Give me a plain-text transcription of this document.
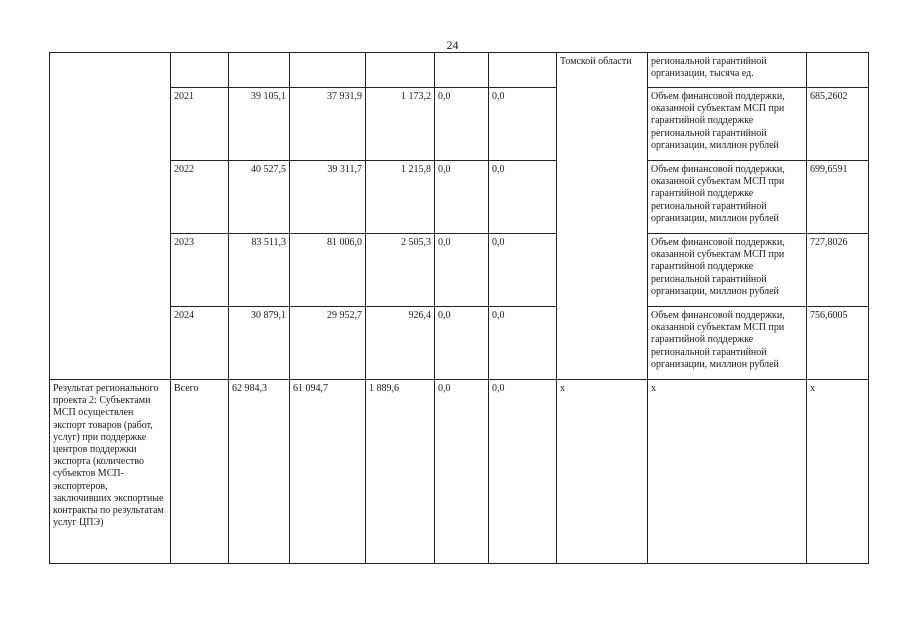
24
							Томской области	региональной гарантийной организации, тысяча ед.	
	2021	39 105,1	37 931,9	1 173,2	0,0	0,0		Объем финансовой поддержки, оказанной субъектам МСП при гарантийной поддержке региональной гарантийной организации, миллион рублей	685,2602
	2022	40 527,5	39 311,7	1 215,8	0,0	0,0		Объем финансовой поддержки, оказанной субъектам МСП при гарантийной поддержке региональной гарантийной организации, миллион рублей	699,6591
	2023	83 511,3	81 006,0	2 505,3	0,0	0,0		Объем финансовой поддержки, оказанной субъектам МСП при гарантийной поддержке региональной гарантийной организации, миллион рублей	727,8026
	2024	30 879,1	29 952,7	926,4	0,0	0,0		Объем финансовой поддержки, оказанной субъектам МСП при гарантийной поддержке региональной гарантийной организации, миллион рублей	756,6005
Результат регионального проекта 2: Субъектами МСП осуществлен экспорт товаров (работ, услуг) при поддержке центров поддержки экспорта (количество субъектов МСП-экспортеров, заключивших экспортные контракты по результатам услуг ЦПЭ)	Всего	62 984,3	61 094,7	1 889,6	0,0	0,0	x	x	x
